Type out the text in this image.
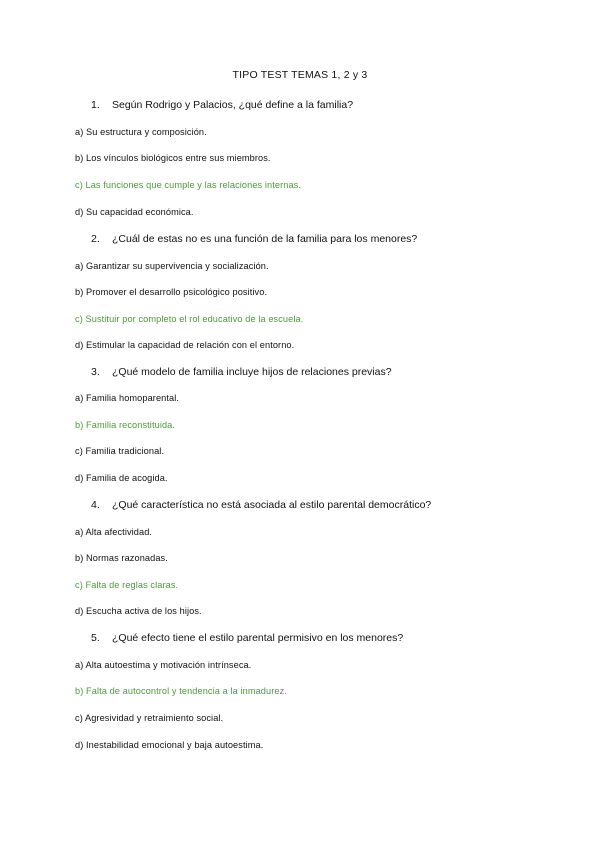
TIPO TEST TEMAS 1, 2 y 3

1. Según Rodrigo y Palacios, ¿qué define a la familia?

a) Su estructura y composición.

b) Los vínculos biológicos entre sus miembros.

c) Las funciones que cumple y las relaciones internas.

d) Su capacidad económica.

2. ¿Cuál de estas no es una función de la familia para los menores?

a) Garantizar su supervivencia y socialización.

b) Promover el desarrollo psicológico positivo.

c) Sustituir por completo el rol educativo de la escuela.

d) Estimular la capacidad de relación con el entorno.

3. ¿Qué modelo de familia incluye hijos de relaciones previas?

a) Familia homoparental.

b) Familia reconstituida.

c) Familia tradicional.

d) Familia de acogida.

4. ¿Qué característica no está asociada al estilo parental democrático?

a) Alta afectividad.

b) Normas razonadas.

c) Falta de reglas claras.

d) Escucha activa de los hijos.

5. ¿Qué efecto tiene el estilo parental permisivo en los menores?

a) Alta autoestima y motivación intrínseca.

b) Falta de autocontrol y tendencia a la inmadurez.

c) Agresividad y retraimiento social.

d) Inestabilidad emocional y baja autoestima.
